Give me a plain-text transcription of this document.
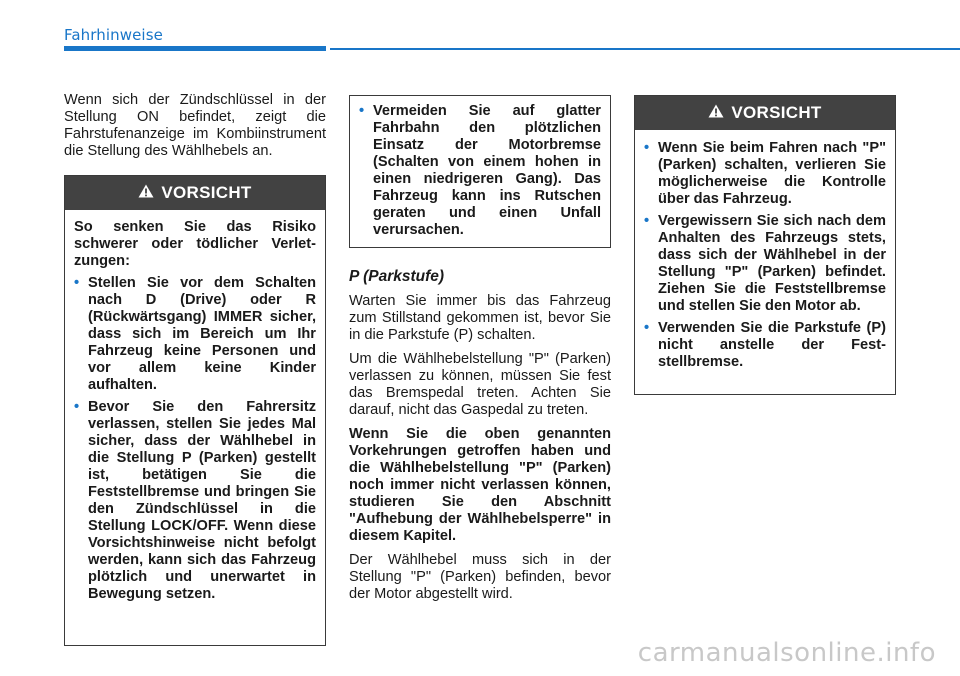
Fahrhinweise

Wenn sich der Zündschlüssel in der Stellung ON befindet, zeigt die Fahrstufenanzeige im Kombiinstrument die Stellung des Wählhebels an.

VORSICHT
So senken Sie das Risiko schwerer oder tödlicher Verletzungen:
• Stellen Sie vor dem Schalten nach D (Drive) oder R (Rückwärtsgang) IMMER sicher, dass sich im Bereich um Ihr Fahrzeug keine Personen und vor allem keine Kinder aufhalten.
• Bevor Sie den Fahrersitz verlassen, stellen Sie jedes Mal sicher, dass der Wählhebel in die Stellung P (Parken) gestellt ist, betätigen Sie die Feststellbremse und bringen Sie den Zündschlüssel in die Stellung LOCK/OFF. Wenn diese Vorsichtshinweise nicht befolgt werden, kann sich das Fahrzeug plötzlich und unerwartet in Bewegung setzen.
• Vermeiden Sie auf glatter Fahrbahn den plötzlichen Einsatz der Motorbremse (Schalten von einem hohen in einen niedrigeren Gang). Das Fahrzeug kann ins Rutschen geraten und einen Unfall verursachen.

P (Parkstufe)

Warten Sie immer bis das Fahrzeug zum Stillstand gekommen ist, bevor Sie in die Parkstufe (P) schalten.

Um die Wählhebelstellung "P" (Parken) verlassen zu können, müssen Sie fest das Bremspedal treten. Achten Sie darauf, nicht das Gaspedal zu treten.

Wenn Sie die oben genannten Vorkehrungen getroffen haben und die Wählhebelstellung "P" (Parken) noch immer nicht verlassen können, studieren Sie den Abschnitt "Aufhebung der Wählhebelsperre" in diesem Kapitel.

Der Wählhebel muss sich in der Stellung "P" (Parken) befinden, bevor der Motor abgestellt wird.

VORSICHT
• Wenn Sie beim Fahren nach "P" (Parken) schalten, verlieren Sie möglicherweise die Kontrolle über das Fahrzeug.
• Vergewissern Sie sich nach dem Anhalten des Fahrzeugs stets, dass sich der Wählhebel in der Stellung "P" (Parken) befindet. Ziehen Sie die Feststellbremse und stellen Sie den Motor ab.
• Verwenden Sie die Parkstufe (P) nicht anstelle der Feststellbremse.
carmanualsonline.info
